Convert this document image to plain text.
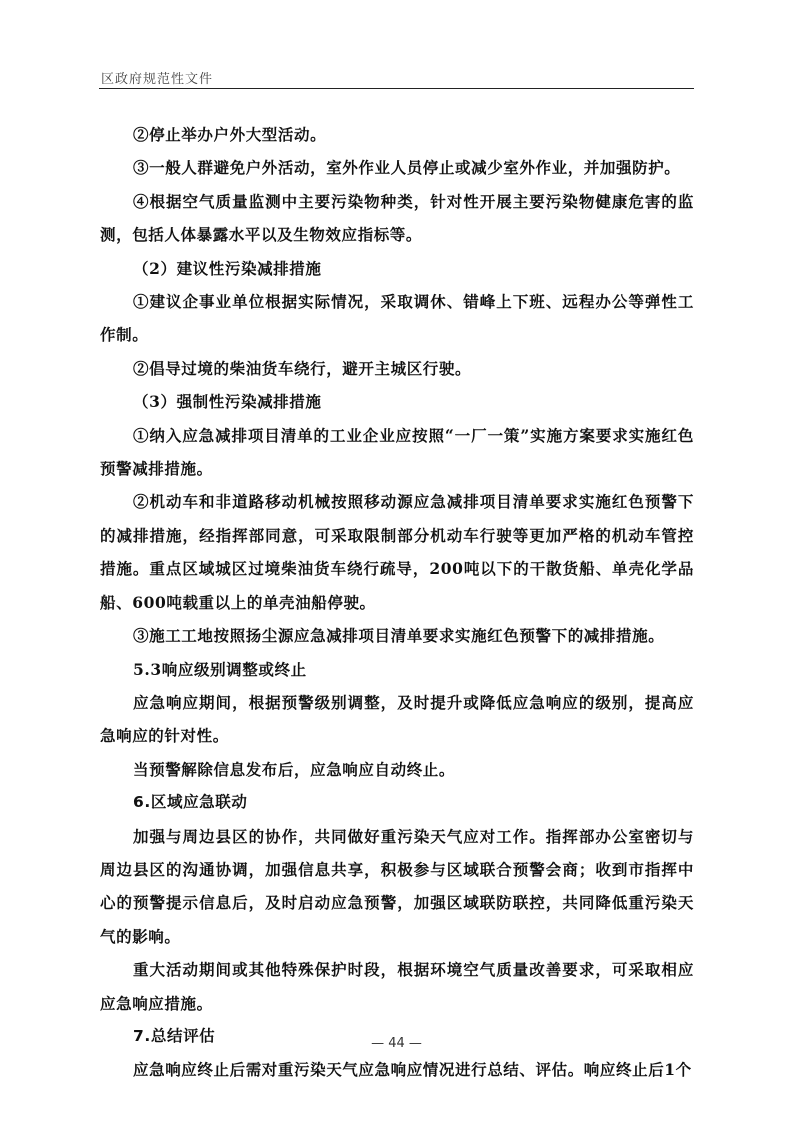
区政府规范性文件

②停止举办户外大型活动。

③一般人群避免户外活动，室外作业人员停止或减少室外作业，并加强防护。

④根据空气质量监测中主要污染物种类，针对性开展主要污染物健康危害的监测，包括人体暴露水平以及生物效应指标等。

（2）建议性污染减排措施

①建议企事业单位根据实际情况，采取调休、错峰上下班、远程办公等弹性工作制。

②倡导过境的柴油货车绕行，避开主城区行驶。

（3）强制性污染减排措施

①纳入应急减排项目清单的工业企业应按照“一厂一策”实施方案要求实施红色预警减排措施。

②机动车和非道路移动机械按照移动源应急减排项目清单要求实施红色预警下的减排措施，经指挥部同意，可采取限制部分机动车行驶等更加严格的机动车管控措施。重点区域城区过境柴油货车绕行疏导，200吨以下的干散货船、单壳化学品船、600吨载重以上的单壳油船停驶。

③施工工地按照扬尘源应急减排项目清单要求实施红色预警下的减排措施。

5.3响应级别调整或终止

应急响应期间，根据预警级别调整，及时提升或降低应急响应的级别，提高应急响应的针对性。

当预警解除信息发布后，应急响应自动终止。

6.区域应急联动

加强与周边县区的协作，共同做好重污染天气应对工作。指挥部办公室密切与周边县区的沟通协调，加强信息共享，积极参与区域联合预警会商；收到市指挥中心的预警提示信息后，及时启动应急预警，加强区域联防联控，共同降低重污染天气的影响。

重大活动期间或其他特殊保护时段，根据环境空气质量改善要求，可采取相应应急响应措施。

7.总结评估

应急响应终止后需对重污染天气应急响应情况进行总结、评估。响应终止后1个

— 44 —
